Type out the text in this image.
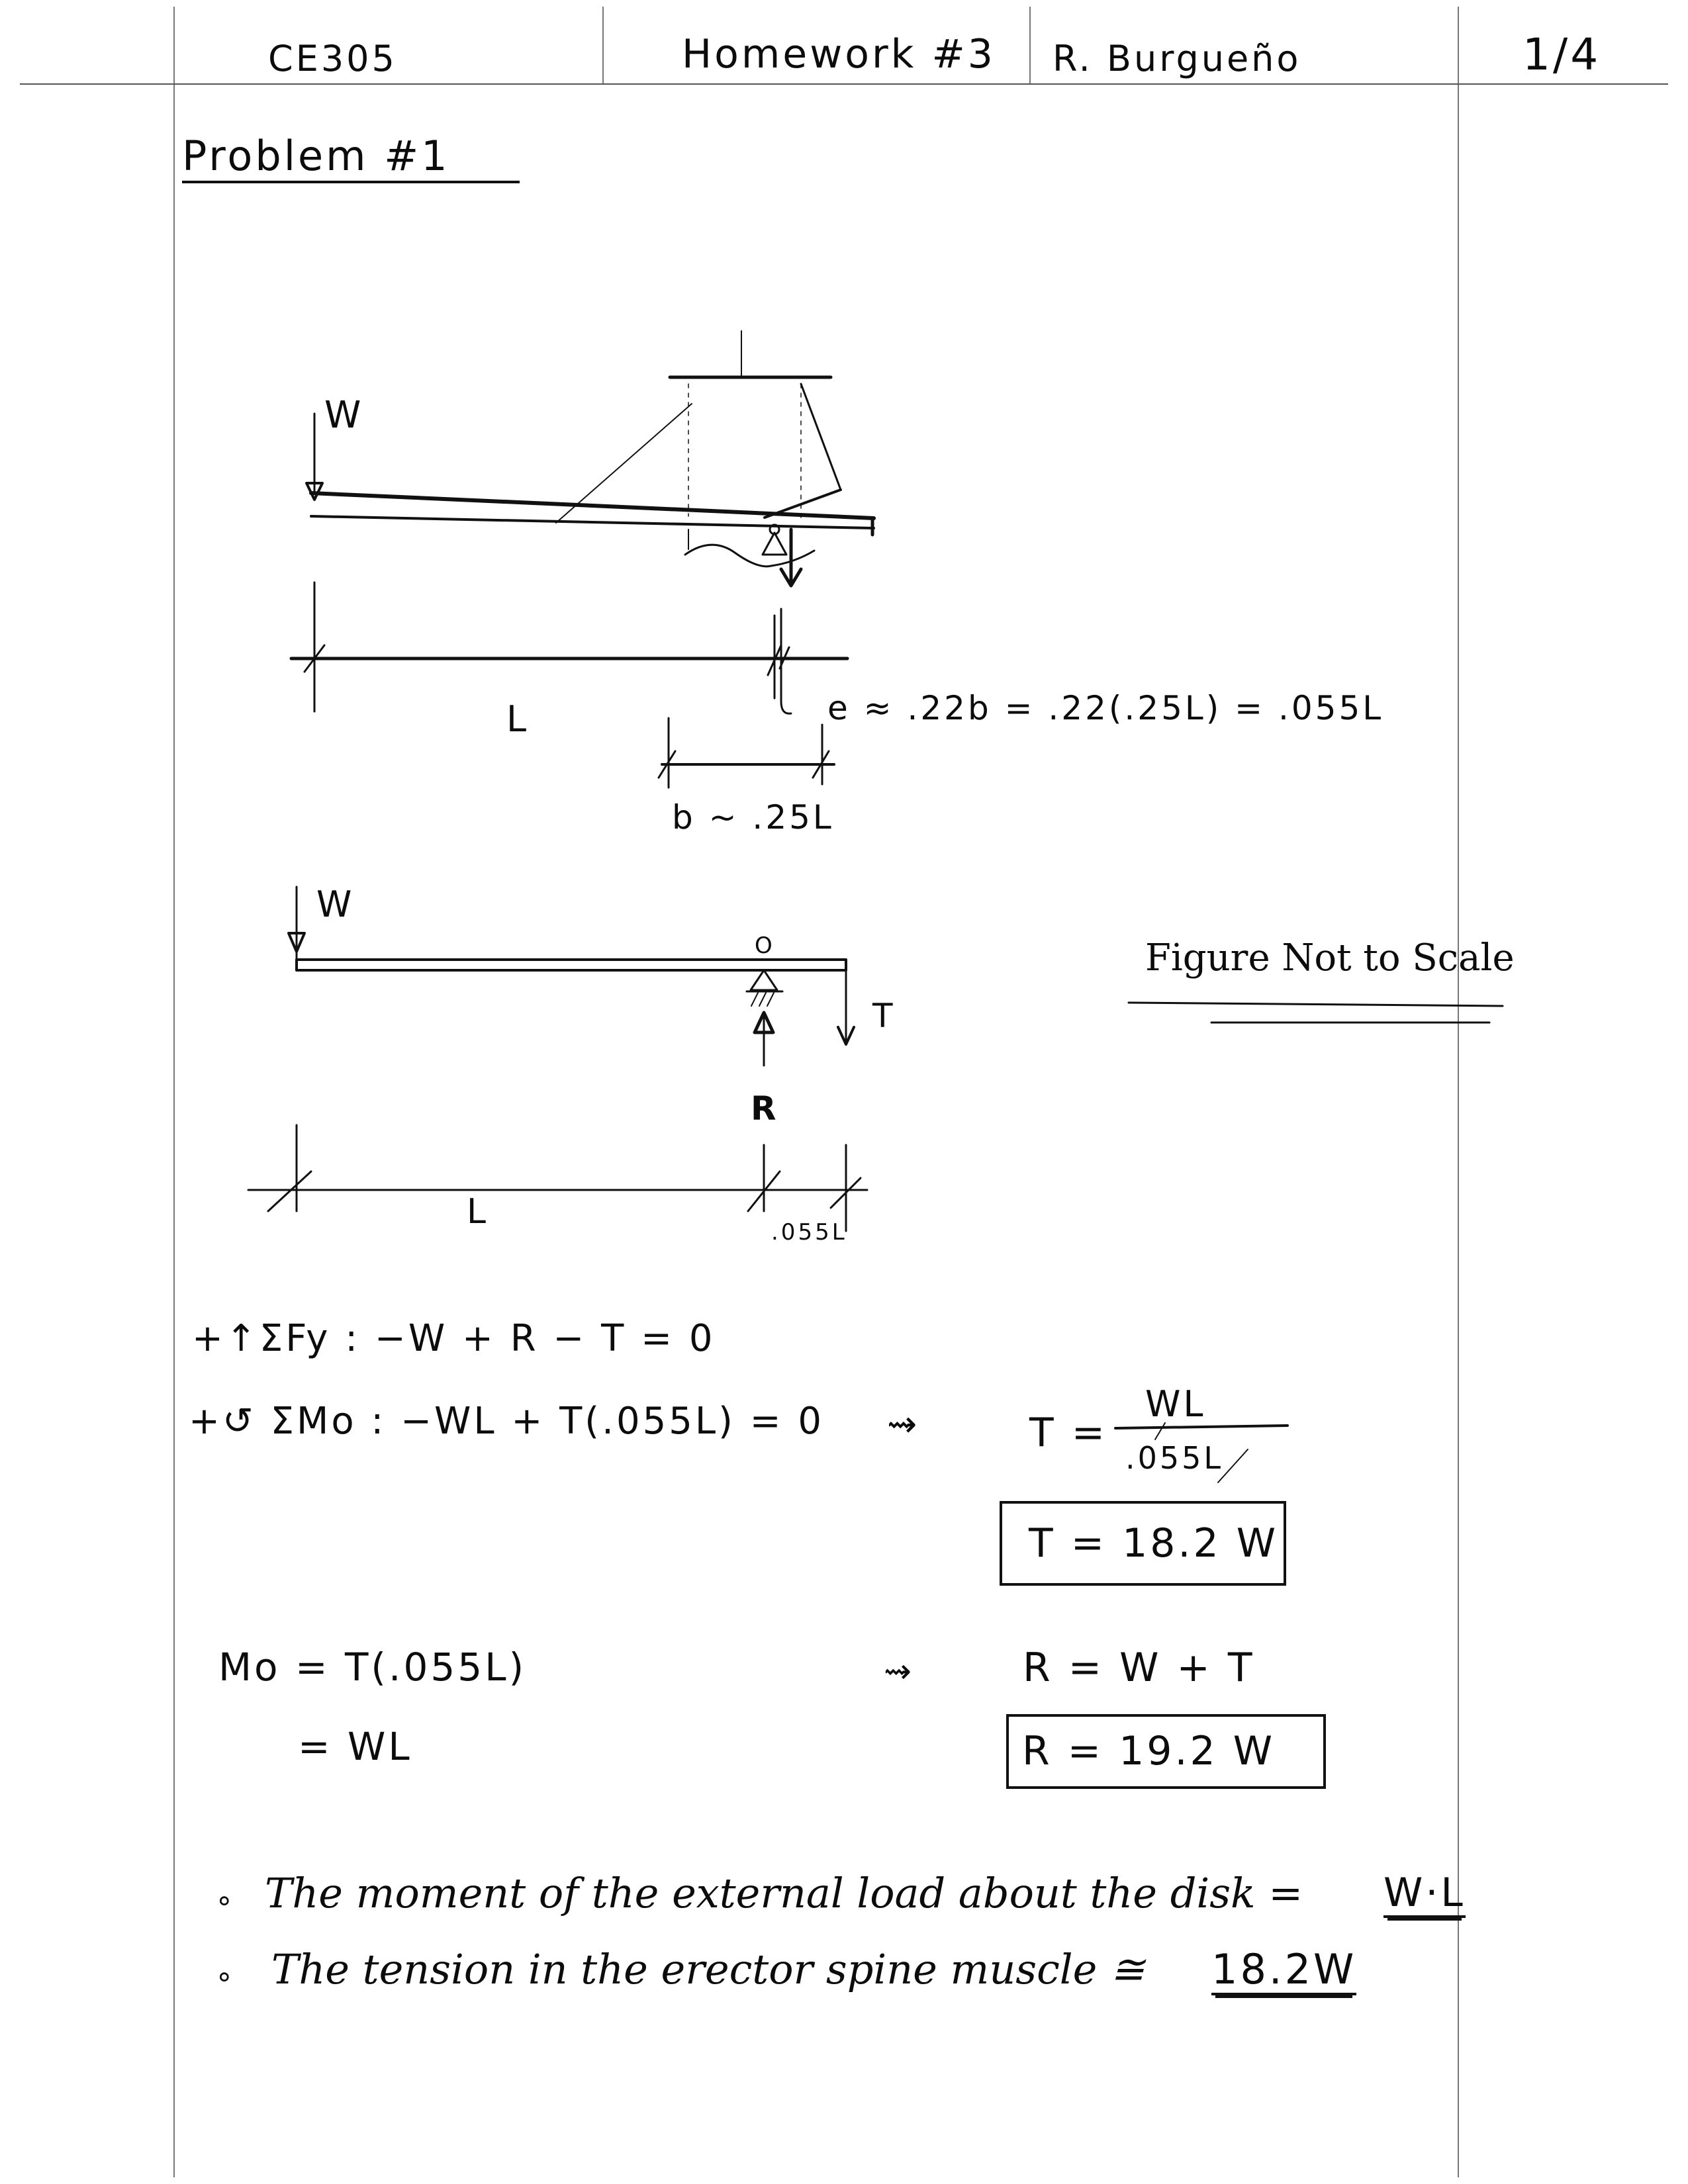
CE305	Homework #3 R. Burgueño	1/4
Problem #1
W
L	e ≈ .22b = .22(.25L) = .055L
b ~ .25L
W
O
T
R
L
.055L
Figure Not to Scale
+↑ΣFy : −W + R − T = 0
+↺ ΣMo : −WL + T(.055L) = 0 ⇝	T =
WL
.055L
T = 18.2 W
Mo = T(.055L)
= WL
⇝	R = W + T
R = 19.2 W
∘ The moment of the external load about the disk = W·L
∘ The tension in the erector spine muscle ≅ 18.2W
